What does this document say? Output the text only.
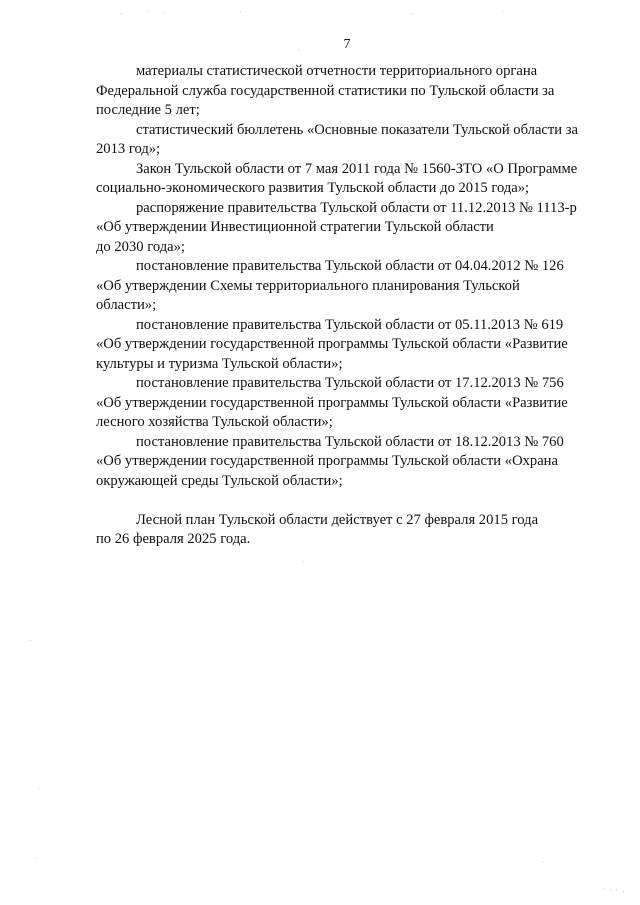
7

материалы статистической отчетности территориального органа
Федеральной служба государственной статистики по Тульской области за
последние 5 лет;

статистический бюллетень «Основные показатели Тульской области за
2013 год»;

Закон Тульской области от 7 мая 2011 года № 1560-ЗТО «О Программе
социально-экономического развития Тульской области до 2015 года»;

распоряжение правительства Тульской области от 11.12.2013 № 1113-р
«Об утверждении Инвестиционной стратегии Тульской области
до 2030 года»;

постановление правительства Тульской области от 04.04.2012 № 126
«Об утверждении Схемы территориального планирования Тульской
области»;

постановление правительства Тульской области от 05.11.2013 № 619
«Об утверждении государственной программы Тульской области «Развитие
культуры и туризма Тульской области»;

постановление правительства Тульской области от 17.12.2013 № 756
«Об утверждении государственной программы Тульской области «Развитие
лесного хозяйства Тульской области»;

постановление правительства Тульской области от 18.12.2013 № 760
«Об утверждении государственной программы Тульской области «Охрана
окружающей среды Тульской области»;

Лесной план Тульской области действует с 27 февраля 2015 года
по 26 февраля 2025 года.
